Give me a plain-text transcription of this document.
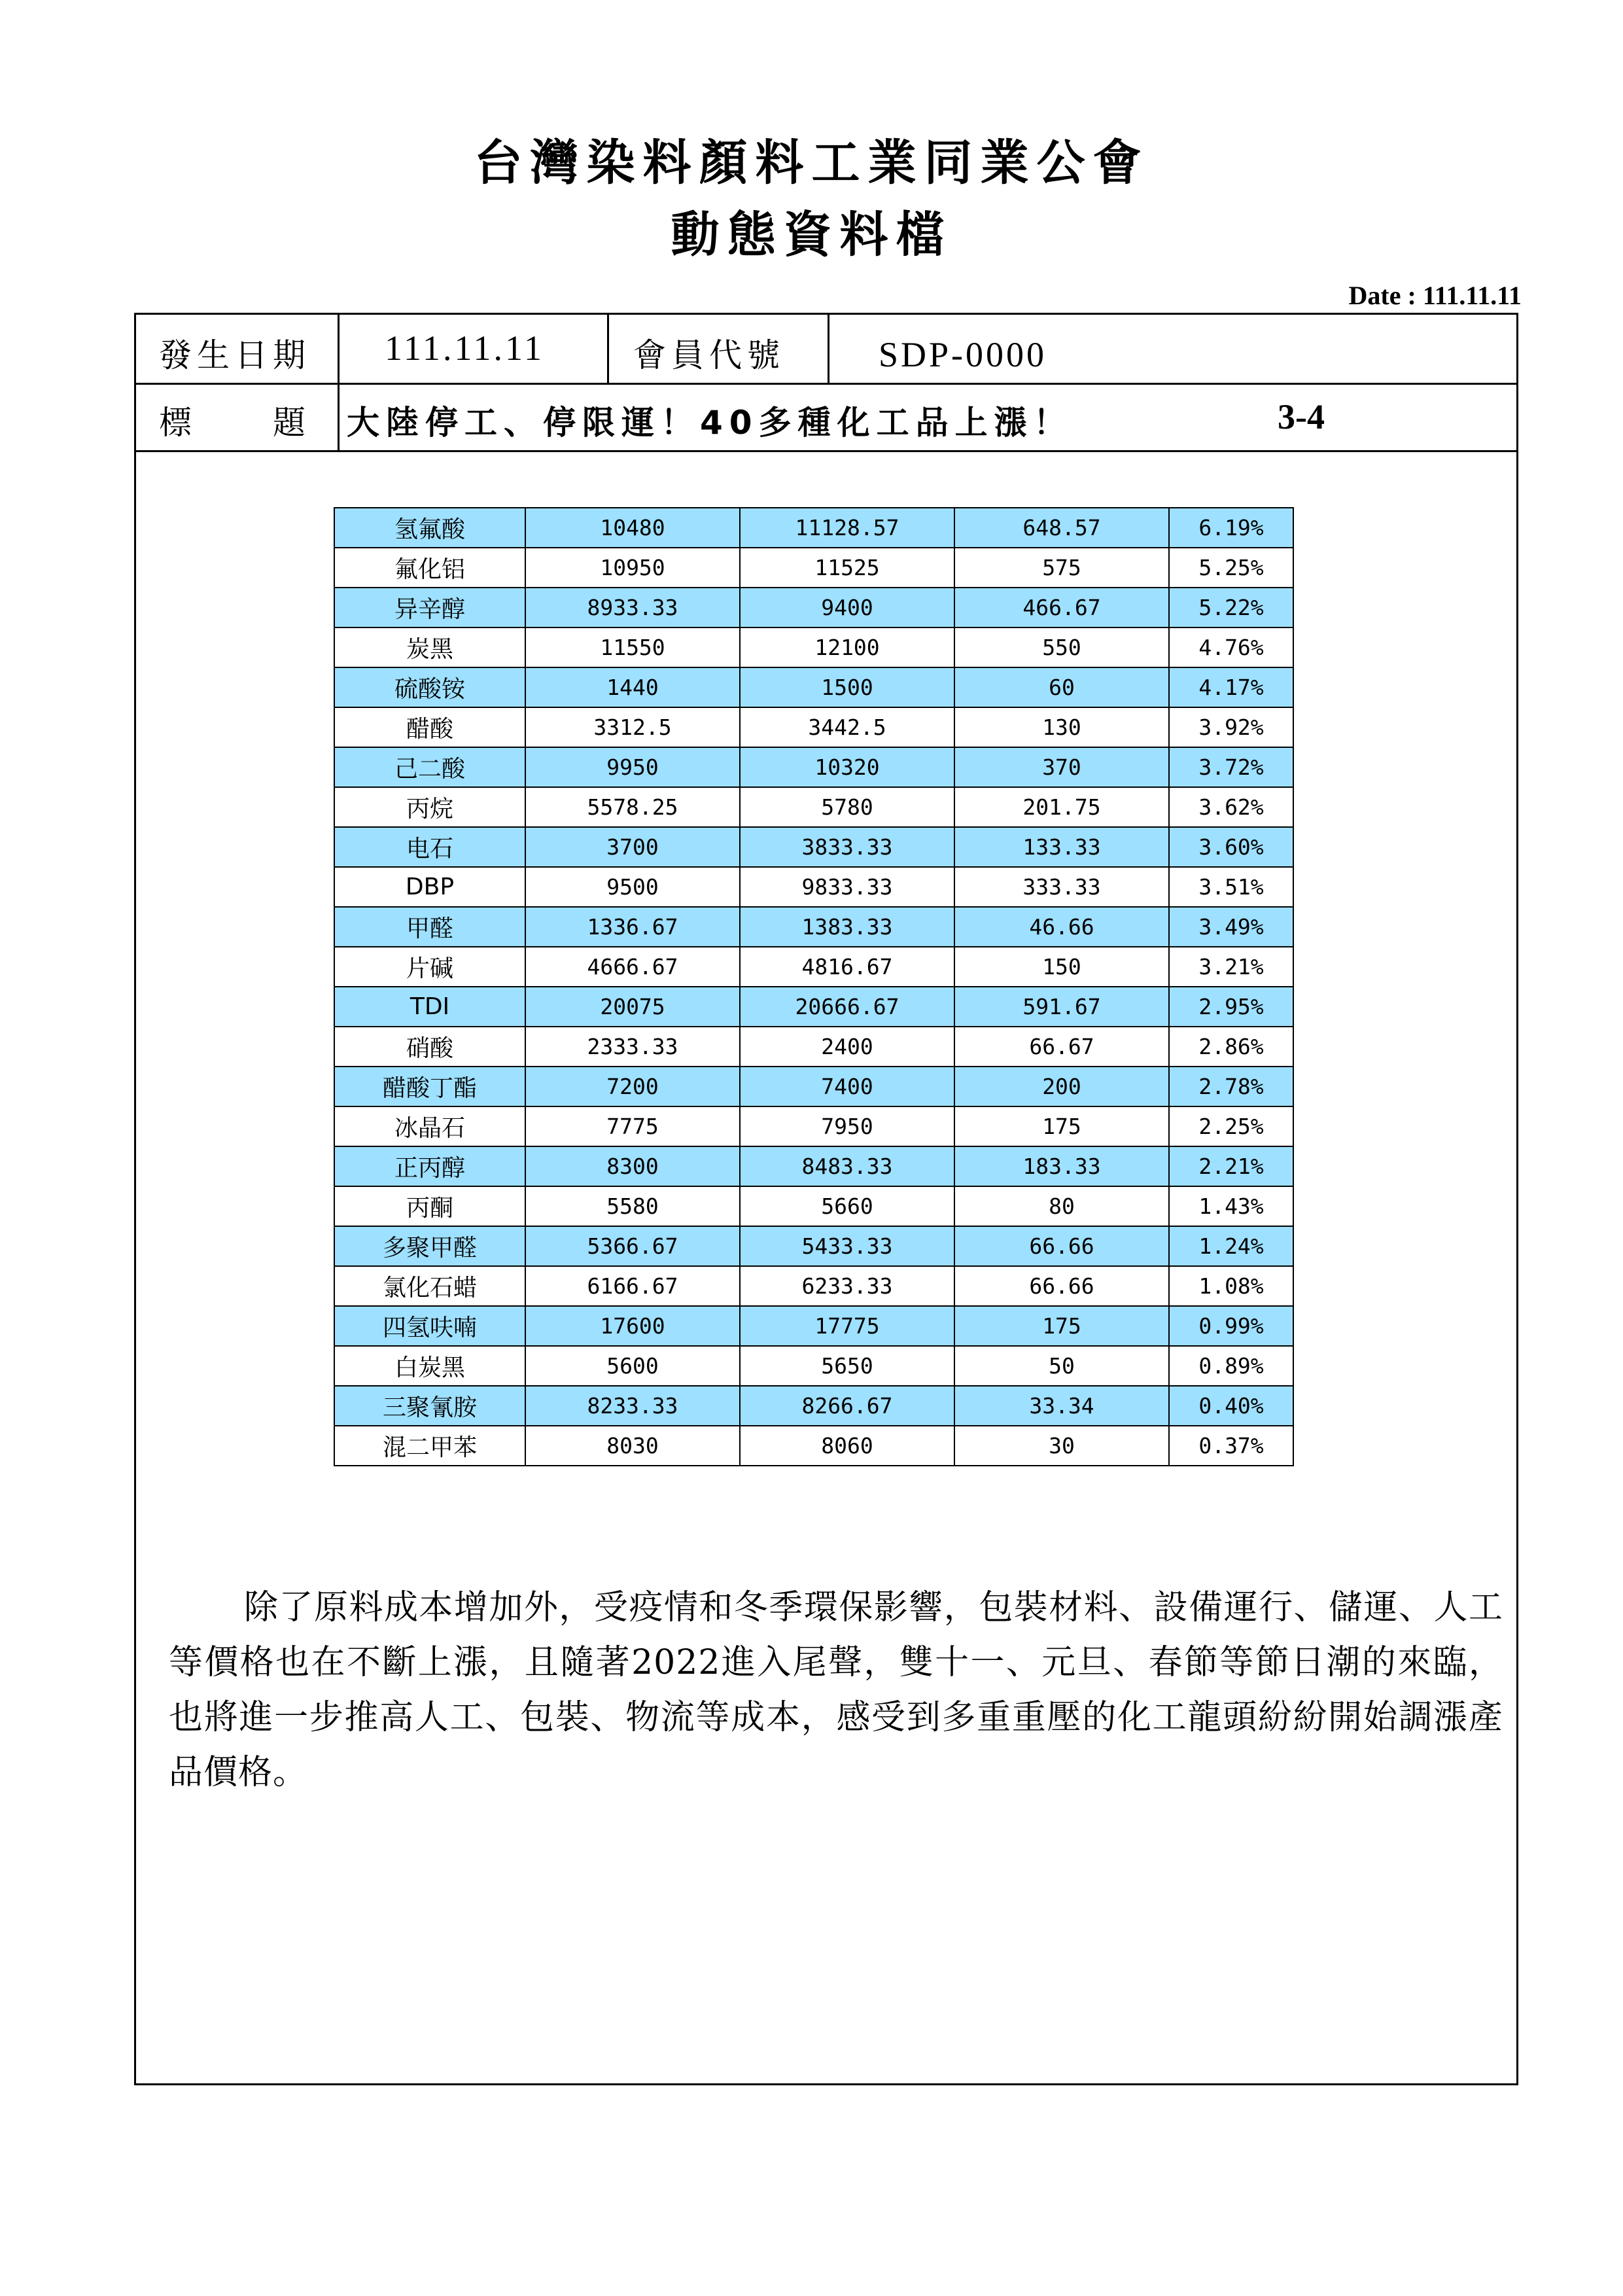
台灣染料顏料工業同業公會
動態資料檔
Date : 111.11.11
發生日期 111.11.11	會員代號	SDP-0000
標　　題 大陸停工、停限運！40多種化工品上漲！	3-4
氢氟酸	10480	11128.57	648.57	6.19%
氟化铝	10950	11525	575	5.25%
异辛醇	8933.33	9400	466.67	5.22%
炭黑	11550	12100	550	4.76%
硫酸铵	1440	1500	60	4.17%
醋酸	3312.5	3442.5	130	3.92%
己二酸	9950	10320	370	3.72%
丙烷	5578.25	5780	201.75	3.62%
电石	3700	3833.33	133.33	3.60%
DBP	9500	9833.33	333.33	3.51%
甲醛	1336.67	1383.33	46.66	3.49%
片碱	4666.67	4816.67	150	3.21%
TDI	20075	20666.67	591.67	2.95%
硝酸	2333.33	2400	66.67	2.86%
醋酸丁酯	7200	7400	200	2.78%
冰晶石	7775	7950	175	2.25%
正丙醇	8300	8483.33	183.33	2.21%
丙酮	5580	5660	80	1.43%
多聚甲醛	5366.67	5433.33	66.66	1.24%
氯化石蜡	6166.67	6233.33	66.66	1.08%
四氢呋喃	17600	17775	175	0.99%
白炭黑	5600	5650	50	0.89%
三聚氰胺	8233.33	8266.67	33.34	0.40%
混二甲苯	8030	8060	30	0.37%
除了原料成本增加外，受疫情和冬季環保影響，包裝材料、設備運行、儲運、人工等價格也在不斷上漲，且隨著2022進入尾聲，雙十一、元旦、春節等節日潮的來臨，也將進一步推高人工、包裝、物流等成本，感受到多重重壓的化工龍頭紛紛開始調漲產品價格。
